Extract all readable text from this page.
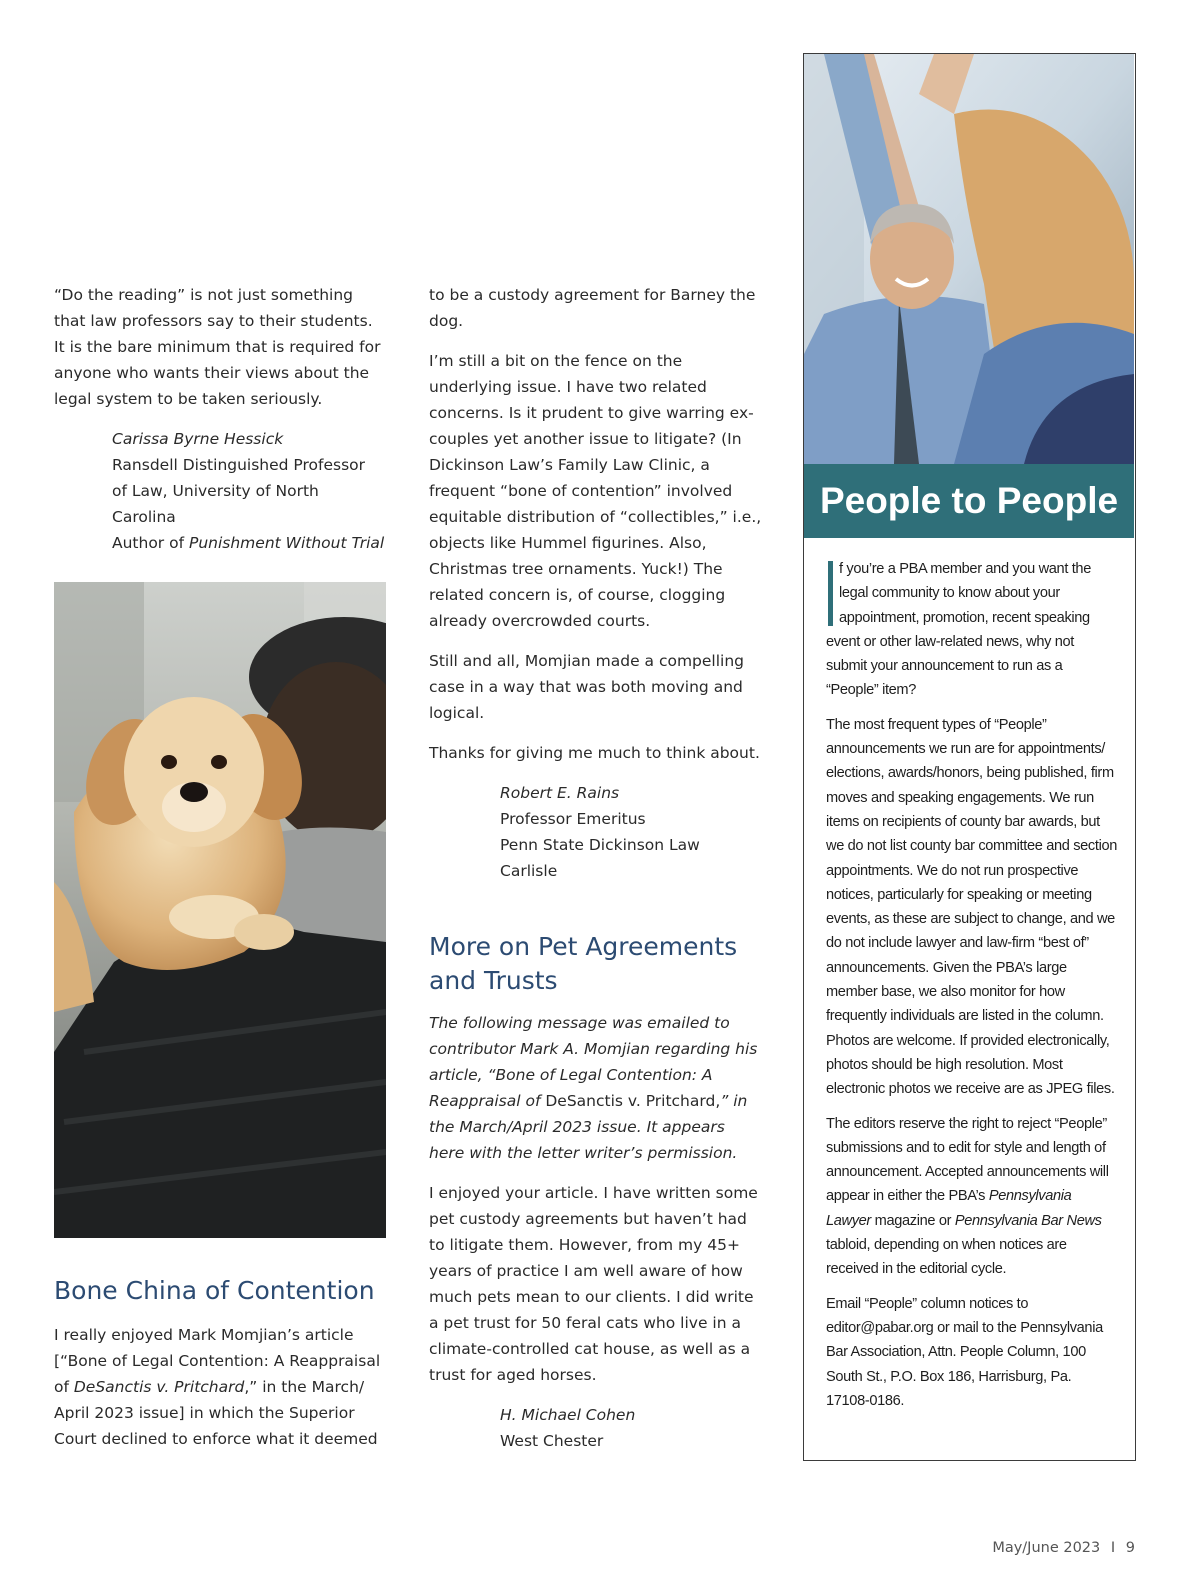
“Do the reading” is not just something that law professors say to their students. It is the bare minimum that is required for anyone who wants their views about the legal system to be taken seriously.

Carissa Byrne Hessick
Ransdell Distinguished Professor
of Law, University of North Carolina
Author of Punishment Without Trial
Bone China of Contention
I really enjoyed Mark Momjian’s article [“Bone of Legal Contention: A Reappraisal of DeSanctis v. Pritchard,” in the March/ April 2023 issue] in which the Superior Court declined to enforce what it deemed

to be a custody agreement for Barney the dog.

I’m still a bit on the fence on the underlying issue. I have two related concerns. Is it prudent to give warring ex-couples yet another issue to litigate? (In Dickinson Law’s Family Law Clinic, a frequent “bone of contention” involved equitable distribution of “collectibles,” i.e., objects like Hummel figurines. Also, Christmas tree ornaments. Yuck!) The related concern is, of course, clogging already overcrowded courts.

Still and all, Momjian made a compelling case in a way that was both moving and logical.

Thanks for giving me much to think about.

Robert E. Rains
Professor Emeritus
Penn State Dickinson Law
Carlisle
More on Pet Agreements and Trusts

The following message was emailed to contributor Mark A. Momjian regarding his article, “Bone of Legal Contention: A Reappraisal of DeSanctis v. Pritchard,” in the March/April 2023 issue. It appears here with the letter writer’s permission.

I enjoyed your article. I have written some pet custody agreements but haven’t had to litigate them. However, from my 45+ years of practice I am well aware of how much pets mean to our clients. I did write a pet trust for 50 feral cats who live in a climate-controlled cat house, as well as a trust for aged horses.

H. Michael Cohen
West Chester
People to People

f you’re a PBA member and you want the legal community to know about your appointment, promotion, recent speaking event or other law-related news, why not submit your announcement to run as a “People” item?

The most frequent types of “People” announcements we run are for appointments/ elections, awards/honors, being published, firm moves and speaking engagements. We run items on recipients of county bar awards, but we do not list county bar committee and section appointments. We do not run prospective notices, particularly for speaking or meeting events, as these are subject to change, and we do not include lawyer and law-firm “best of” announcements. Given the PBA’s large member base, we also monitor for how frequently individuals are listed in the column. Photos are welcome. If provided electronically, photos should be high resolution. Most electronic photos we receive are as JPEG files.

The editors reserve the right to reject “People” submissions and to edit for style and length of announcement. Accepted announcements will appear in either the PBA’s Pennsylvania Lawyer magazine or Pennsylvania Bar News tabloid, depending on when notices are received in the editorial cycle.

Email “People” column notices to editor@pabar.org or mail to the Pennsylvania Bar Association, Attn. People Column, 100 South St., P.O. Box 186, Harrisburg, Pa. 17108-0186.

May/June 2023 I 9
